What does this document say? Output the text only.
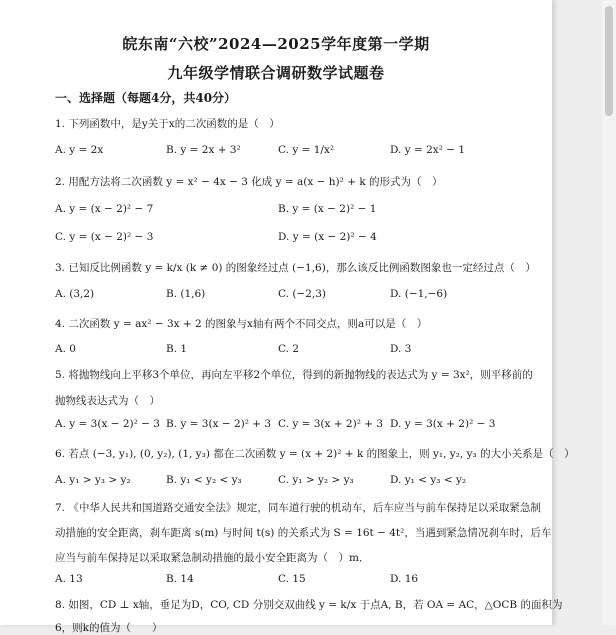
皖东南“六校”2024—2025学年度第一学期
九年级学情联合调研数学试题卷
一、选择题（每题4分，共40分）
1. 下列函数中，是y关于x的二次函数的是（　）
A. y = 2x	B. y = 2x + 3²	C. y = 1/x²	D. y = 2x² − 1
2. 用配方法将二次函数 y = x² − 4x − 3 化成 y = a(x − h)² + k 的形式为（　）
A. y = (x − 2)² − 7	B. y = (x − 2)² − 1
C. y = (x − 2)² − 3	D. y = (x − 2)² − 4
3. 已知反比例函数 y = k/x (k ≠ 0) 的图象经过点 (−1,6)，那么该反比例函数图象也一定经过点（　）
A. (3,2)	B. (1,6)	C. (−2,3)	D. (−1,−6)
4. 二次函数 y = ax² − 3x + 2 的图象与x轴有两个不同交点，则a可以是（　）
A. 0	B. 1	C. 2	D. 3
5. 将抛物线向上平移3个单位，再向左平移2个单位，得到的新抛物线的表达式为 y = 3x²，则平移前的
抛物线表达式为（　）
A. y = 3(x − 2)² − 3 B. y = 3(x − 2)² + 3 C. y = 3(x + 2)² + 3 D. y = 3(x + 2)² − 3
6. 若点 (−3, y₁), (0, y₂), (1, y₃) 都在二次函数 y = (x + 2)² + k 的图象上，则 y₁, y₂, y₃ 的大小关系是（　）
A. y₁ > y₃ > y₂	B. y₁ < y₂ < y₃	C. y₁ > y₂ > y₃	D. y₁ < y₃ < y₂
7. 《中华人民共和国道路交通安全法》规定，同车道行驶的机动车，后车应当与前车保持足以采取紧急制
动措施的安全距离，刹车距离 s(m) 与时间 t(s) 的关系式为 S = 16t − 4t²，当遇到紧急情况刹车时，后车
应当与前车保持足以采取紧急制动措施的最小安全距离为（　）m．
A. 13	B. 14	C. 15	D. 16
8. 如图，CD ⊥ x轴，垂足为D，CO, CD 分别交双曲线 y = k/x 于点A, B，若 OA = AC，△OCB 的面积为
6，则k的值为（　　）
